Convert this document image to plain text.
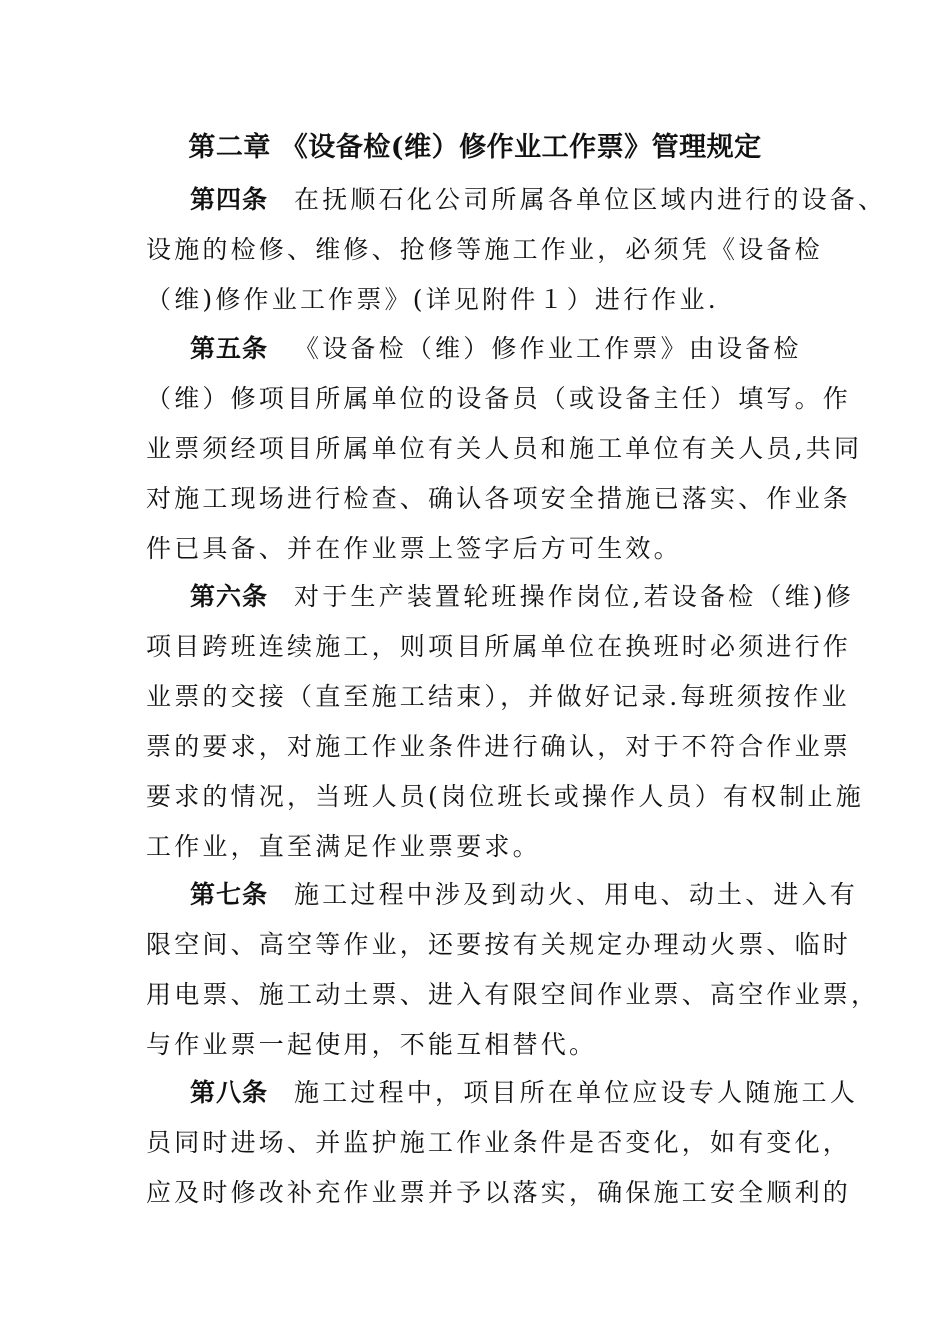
第二章 《设备检(维）修作业工作票》管理规定
第四条 在抚顺石化公司所属各单位区域内进行的设备、
设施的检修、维修、抢修等施工作业，必须凭《设备检
（维)修作业工作票》(详见附件１）进行作业.
第五条 《设备检（维）修作业工作票》由设备检
（维）修项目所属单位的设备员（或设备主任）填写。作
业票须经项目所属单位有关人员和施工单位有关人员,共同
对施工现场进行检查、确认各项安全措施已落实、作业条
件已具备、并在作业票上签字后方可生效。
第六条 对于生产装置轮班操作岗位,若设备检（维)修
项目跨班连续施工，则项目所属单位在换班时必须进行作
业票的交接（直至施工结束），并做好记录.每班须按作业
票的要求，对施工作业条件进行确认，对于不符合作业票
要求的情况，当班人员(岗位班长或操作人员）有权制止施
工作业，直至满足作业票要求。
第七条 施工过程中涉及到动火、用电、动土、进入有
限空间、高空等作业，还要按有关规定办理动火票、临时
用电票、施工动土票、进入有限空间作业票、高空作业票，
与作业票一起使用，不能互相替代。
第八条 施工过程中，项目所在单位应设专人随施工人
员同时进场、并监护施工作业条件是否变化，如有变化，
应及时修改补充作业票并予以落实，确保施工安全顺利的
